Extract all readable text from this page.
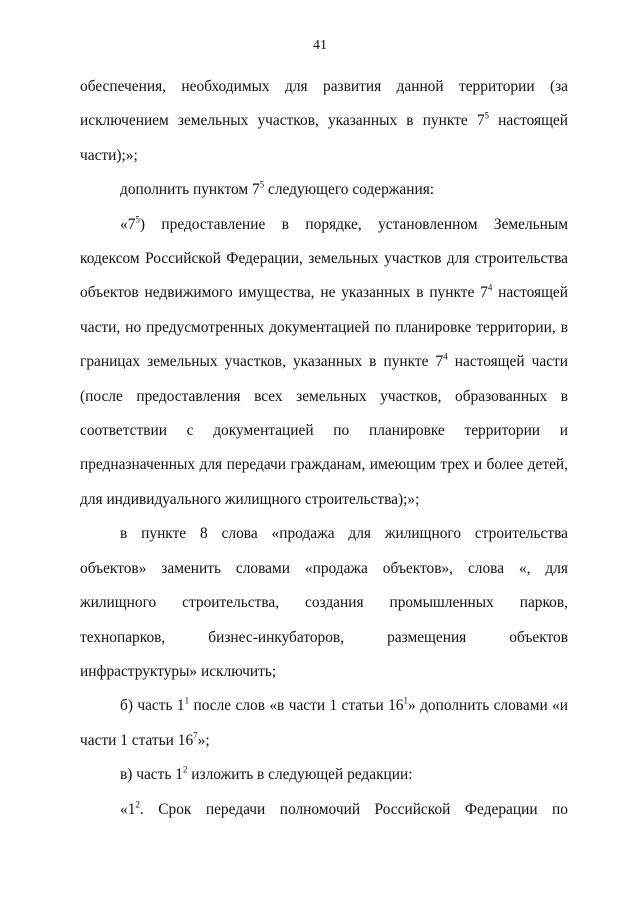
41

обеспечения, необходимых для развития данной территории (за исключением земельных участков, указанных в пункте $7^5$ настоящей части);»;

дополнить пунктом $7^5$ следующего содержания:

«$7^5$) предоставление в порядке, установленном Земельным кодексом Российской Федерации, земельных участков для строительства объектов недвижимого имущества, не указанных в пункте $7^4$ настоящей части, но предусмотренных документацией по планировке территории, в границах земельных участков, указанных в пункте $7^4$ настоящей части (после предоставления всех земельных участков, образованных в соответствии с документацией по планировке территории и предназначенных для передачи гражданам, имеющим трех и более детей, для индивидуального жилищного строительства);»;

в пункте 8 слова «продажа для жилищного строительства объектов» заменить словами «продажа объектов», слова «, для жилищного строительства, создания промышленных парков, технопарков, бизнес-инкубаторов, размещения объектов инфраструктуры» исключить;

б) часть $1^1$ после слов «в части 1 статьи $16^1$» дополнить словами «и части 1 статьи $16^7$»;

в) часть $1^2$ изложить в следующей редакции:

«$1^2$. Срок передачи полномочий Российской Федерации по
